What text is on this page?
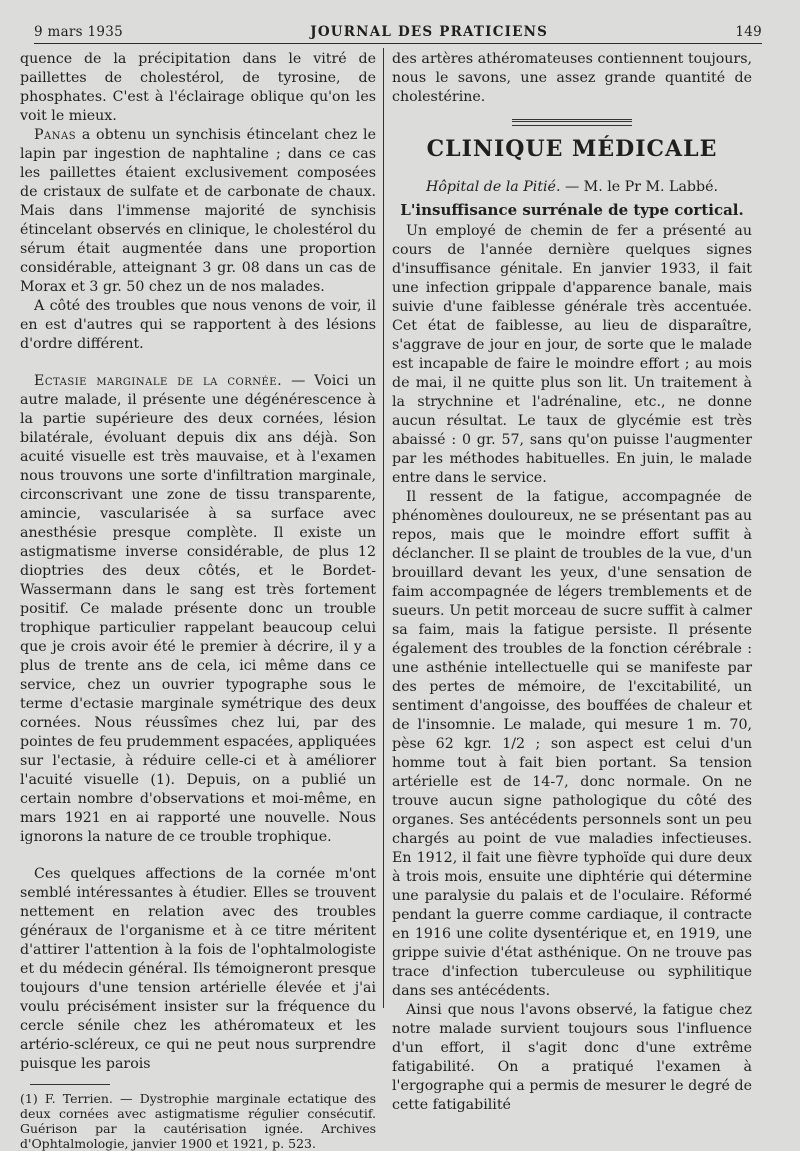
9 mars 1935	JOURNAL DES PRATICIENS	149

quence de la précipitation dans le vitré de paillettes de cholestérol, de tyrosine, de phosphates. C'est à l'éclairage oblique qu'on les voit le mieux.

Panas a obtenu un synchisis étincelant chez le lapin par ingestion de naphtaline ; dans ce cas les paillettes étaient exclusivement composées de cristaux de sulfate et de carbonate de chaux. Mais dans l'immense majorité de synchisis étincelant observés en clinique, le cholestérol du sérum était augmentée dans une proportion considérable, atteignant 3 gr. 08 dans un cas de Morax et 3 gr. 50 chez un de nos malades.

A côté des troubles que nous venons de voir, il en est d'autres qui se rapportent à des lésions d'ordre différent.

Ectasie marginale de la cornée. — Voici un autre malade, il présente une dégénérescence à la partie supérieure des deux cornées, lésion bilatérale, évoluant depuis dix ans déjà. Son acuité visuelle est très mauvaise, et à l'examen nous trouvons une sorte d'infiltration marginale, circonscrivant une zone de tissu transparente, amincie, vascularisée à sa surface avec anesthésie presque complète. Il existe un astigmatisme inverse considérable, de plus 12 dioptries des deux côtés, et le Bordet-Wassermann dans le sang est très fortement positif. Ce malade présente donc un trouble trophique particulier rappelant beaucoup celui que je crois avoir été le premier à décrire, il y a plus de trente ans de cela, ici même dans ce service, chez un ouvrier typographe sous le terme d'ectasie marginale symétrique des deux cornées. Nous réussîmes chez lui, par des pointes de feu prudemment espacées, appliquées sur l'ectasie, à réduire celle-ci et à améliorer l'acuité visuelle (1). Depuis, on a publié un certain nombre d'observations et moi-même, en mars 1921 en ai rapporté une nouvelle. Nous ignorons la nature de ce trouble trophique.

Ces quelques affections de la cornée m'ont semblé intéressantes à étudier. Elles se trouvent nettement en relation avec des troubles généraux de l'organisme et à ce titre méritent d'attirer l'attention à la fois de l'ophtalmologiste et du médecin général. Ils témoigneront presque toujours d'une tension artérielle élevée et j'ai voulu précisément insister sur la fréquence du cercle sénile chez les athéromateux et les artério-scléreux, ce qui ne peut nous surprendre puisque les parois

(1) F. Terrien. — Dystrophie marginale ectatique des deux cornées avec astigmatisme régulier consécutif. Guérison par la cautérisation ignée. Archives d'Ophtalmologie, janvier 1900 et 1921, p. 523.

des artères athéromateuses contiennent toujours, nous le savons, une assez grande quantité de cholestérine.

CLINIQUE MÉDICALE
Hôpital de la Pitié. — M. le Pr M. Labbé.
L'insuffisance surrénale de type cortical.

Un employé de chemin de fer a présenté au cours de l'année dernière quelques signes d'insuffisance génitale. En janvier 1933, il fait une infection grippale d'apparence banale, mais suivie d'une faiblesse générale très accentuée. Cet état de faiblesse, au lieu de disparaître, s'aggrave de jour en jour, de sorte que le malade est incapable de faire le moindre effort ; au mois de mai, il ne quitte plus son lit. Un traitement à la strychnine et l'adrénaline, etc., ne donne aucun résultat. Le taux de glycémie est très abaissé : 0 gr. 57, sans qu'on puisse l'augmenter par les méthodes habituelles. En juin, le malade entre dans le service.

Il ressent de la fatigue, accompagnée de phénomènes douloureux, ne se présentant pas au repos, mais que le moindre effort suffit à déclancher. Il se plaint de troubles de la vue, d'un brouillard devant les yeux, d'une sensation de faim accompagnée de légers tremblements et de sueurs. Un petit morceau de sucre suffit à calmer sa faim, mais la fatigue persiste. Il présente également des troubles de la fonction cérébrale : une asthénie intellectuelle qui se manifeste par des pertes de mémoire, de l'excitabilité, un sentiment d'angoisse, des bouffées de chaleur et de l'insomnie. Le malade, qui mesure 1 m. 70, pèse 62 kgr. 1/2 ; son aspect est celui d'un homme tout à fait bien portant. Sa tension artérielle est de 14-7, donc normale. On ne trouve aucun signe pathologique du côté des organes. Ses antécédents personnels sont un peu chargés au point de vue maladies infectieuses. En 1912, il fait une fièvre typhoïde qui dure deux à trois mois, ensuite une diphtérie qui détermine une paralysie du palais et de l'oculaire. Réformé pendant la guerre comme cardiaque, il contracte en 1916 une colite dysentérique et, en 1919, une grippe suivie d'état asthénique. On ne trouve pas trace d'infection tuberculeuse ou syphilitique dans ses antécédents.

Ainsi que nous l'avons observé, la fatigue chez notre malade survient toujours sous l'influence d'un effort, il s'agit donc d'une extrême fatigabilité. On a pratiqué l'examen à l'ergographe qui a permis de mesurer le degré de cette fatigabilité
